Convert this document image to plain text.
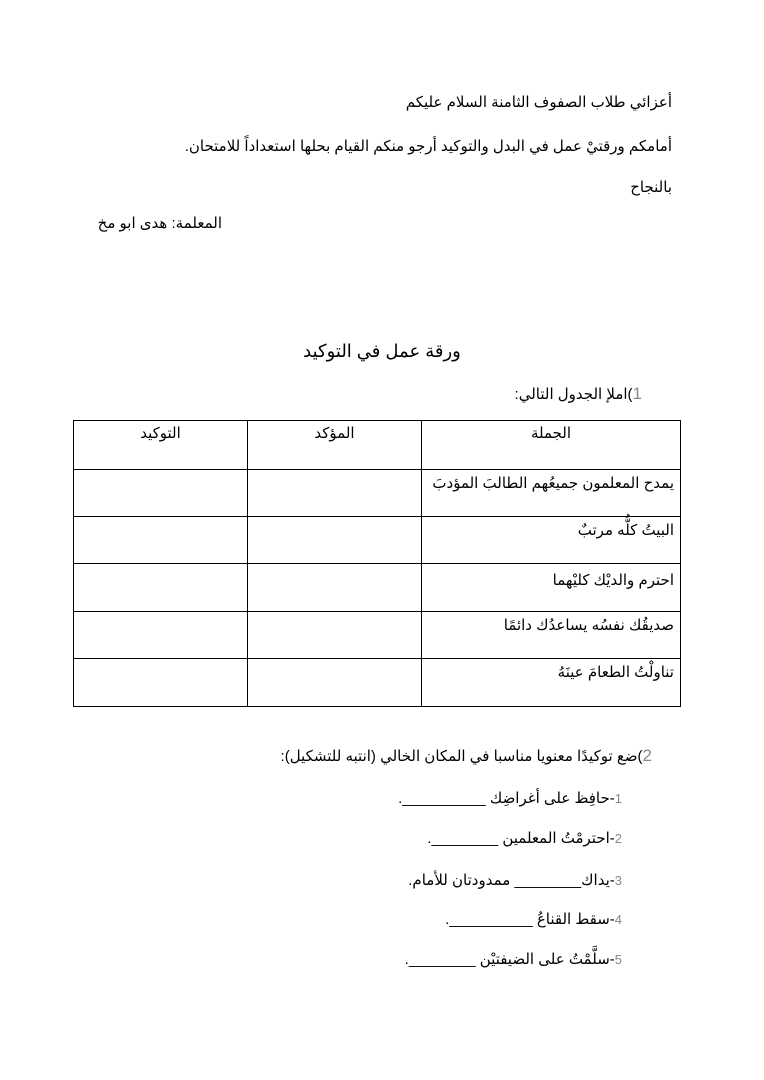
أعزائي طلاب الصفوف الثامنة السلام عليكم
أمامكم ورقتيْ عمل في البدل والتوكيد أرجو منكم القيام بحلها استعداداً للامتحان.
بالنجاح
المعلمة: هدى ابو مخ
ورقة عمل في التوكيد
1)املإ الجدول التالي:
الجملة	المؤكد	التوكيد
يمدح المعلمون جميعُهم الطالبَ المؤدبَ		
البيتُ كلُّه مرتبٌ		
احترم والديْك كليْهما		
صديقُك نفسُه يساعدُك دائمًا		
تناولْتُ الطعامَ عينَهُ		
2)ضع توكيدًا معنويا مناسبا في المكان الخالي (انتبه للتشكيل):
1-حافِظ على أغراضِك __________.
2-احترمْتُ المعلمين ________.
3-يداك________ ممدودتان للأمام.
4-سقط القناعُ __________.
5-سلَّمْتُ على الضيفتيْن ________.
